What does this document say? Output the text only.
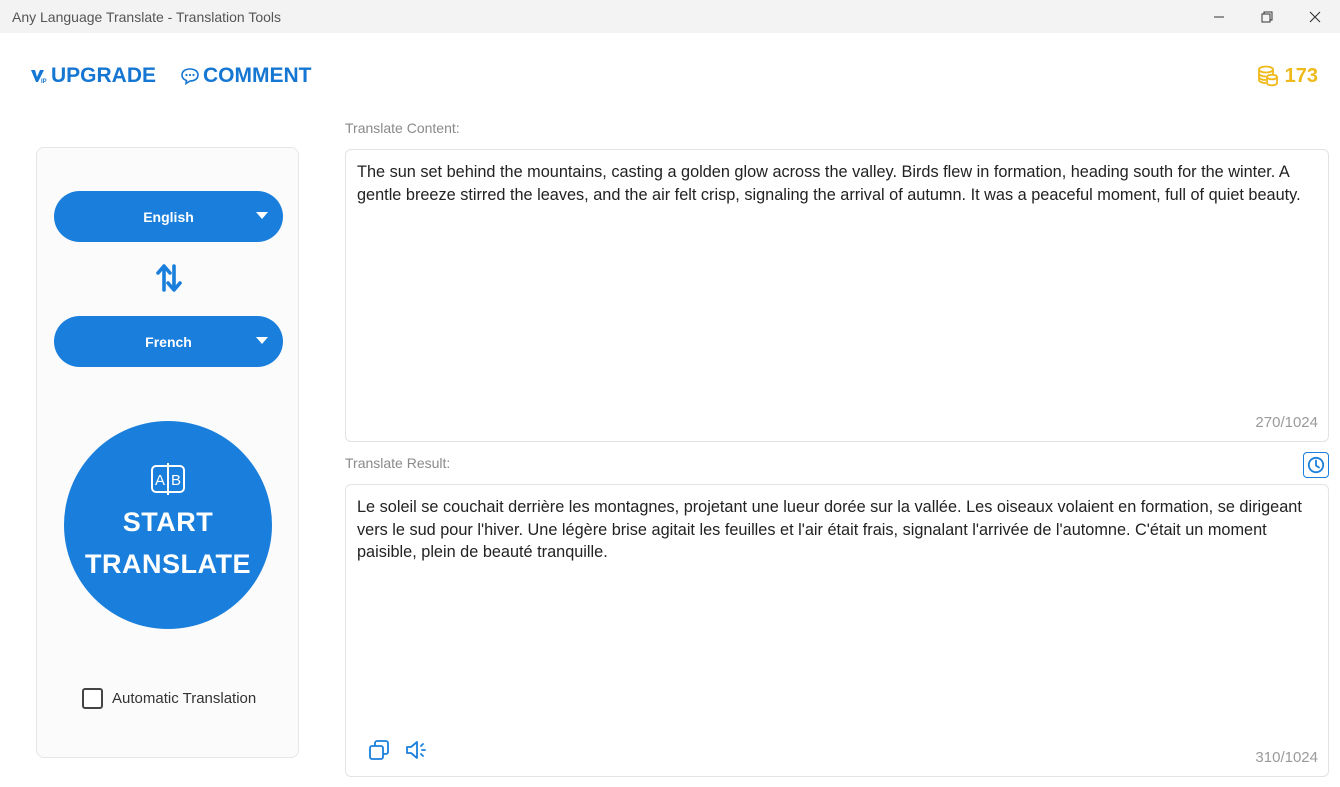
Any Language Translate - Translation Tools
IP UPGRADE COMMENT	173
English
French
A B
START
TRANSLATE
Automatic Translation
Translate Content:
The sun set behind the mountains, casting a golden glow across the valley. Birds flew in formation, heading south for the winter. A gentle breeze stirred the leaves, and the air felt crisp, signaling the arrival of autumn. It was a peaceful moment, full of quiet beauty.
270/1024
Translate Result:
Le soleil se couchait derrière les montagnes, projetant une lueur dorée sur la vallée. Les oiseaux volaient en formation, se dirigeant vers le sud pour l'hiver. Une légère brise agitait les feuilles et l'air était frais, signalant l'arrivée de l'automne. C'était un moment paisible, plein de beauté tranquille.
310/1024
